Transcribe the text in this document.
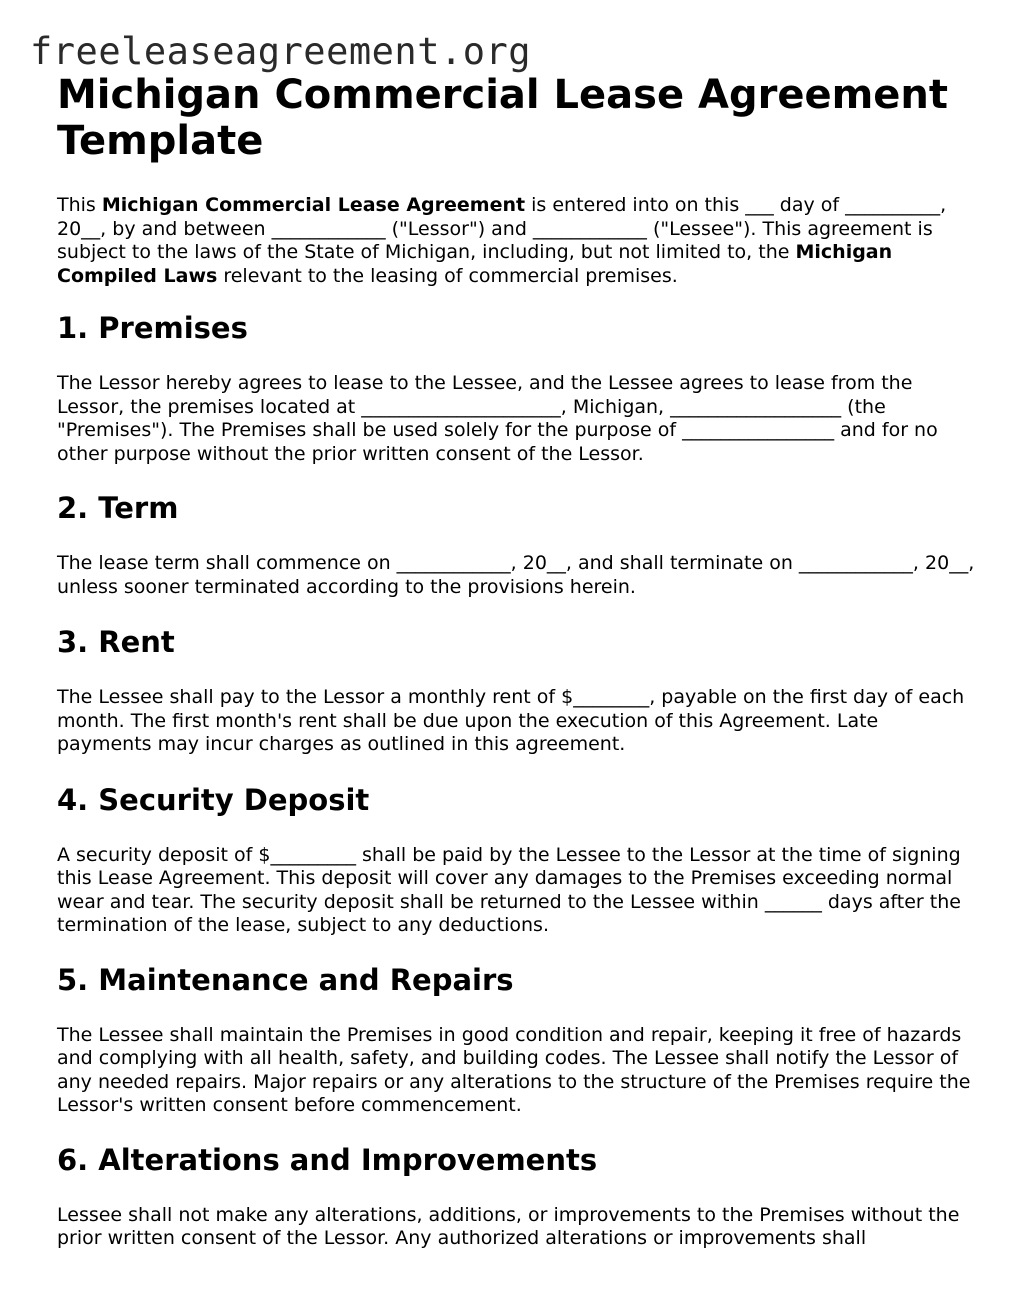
freeleaseagreement.org
Michigan Commercial Lease Agreement Template

This Michigan Commercial Lease Agreement is entered into on this ___ day of __________, 20__, by and between ____________ ("Lessor") and ____________ ("Lessee"). This agreement is subject to the laws of the State of Michigan, including, but not limited to, the Michigan Compiled Laws relevant to the leasing of commercial premises.

1. Premises

The Lessor hereby agrees to lease to the Lessee, and the Lessee agrees to lease from the Lessor, the premises located at _____________________, Michigan, __________________ (the "Premises"). The Premises shall be used solely for the purpose of ________________ and for no other purpose without the prior written consent of the Lessor.

2. Term

The lease term shall commence on ____________, 20__, and shall terminate on ____________, 20__, unless sooner terminated according to the provisions herein.

3. Rent

The Lessee shall pay to the Lessor a monthly rent of $________, payable on the first day of each month. The first month's rent shall be due upon the execution of this Agreement. Late payments may incur charges as outlined in this agreement.

4. Security Deposit

A security deposit of $_________ shall be paid by the Lessee to the Lessor at the time of signing this Lease Agreement. This deposit will cover any damages to the Premises exceeding normal wear and tear. The security deposit shall be returned to the Lessee within ______ days after the termination of the lease, subject to any deductions.

5. Maintenance and Repairs

The Lessee shall maintain the Premises in good condition and repair, keeping it free of hazards and complying with all health, safety, and building codes. The Lessee shall notify the Lessor of any needed repairs. Major repairs or any alterations to the structure of the Premises require the Lessor's written consent before commencement.

6. Alterations and Improvements

Lessee shall not make any alterations, additions, or improvements to the Premises without the prior written consent of the Lessor. Any authorized alterations or improvements shall
